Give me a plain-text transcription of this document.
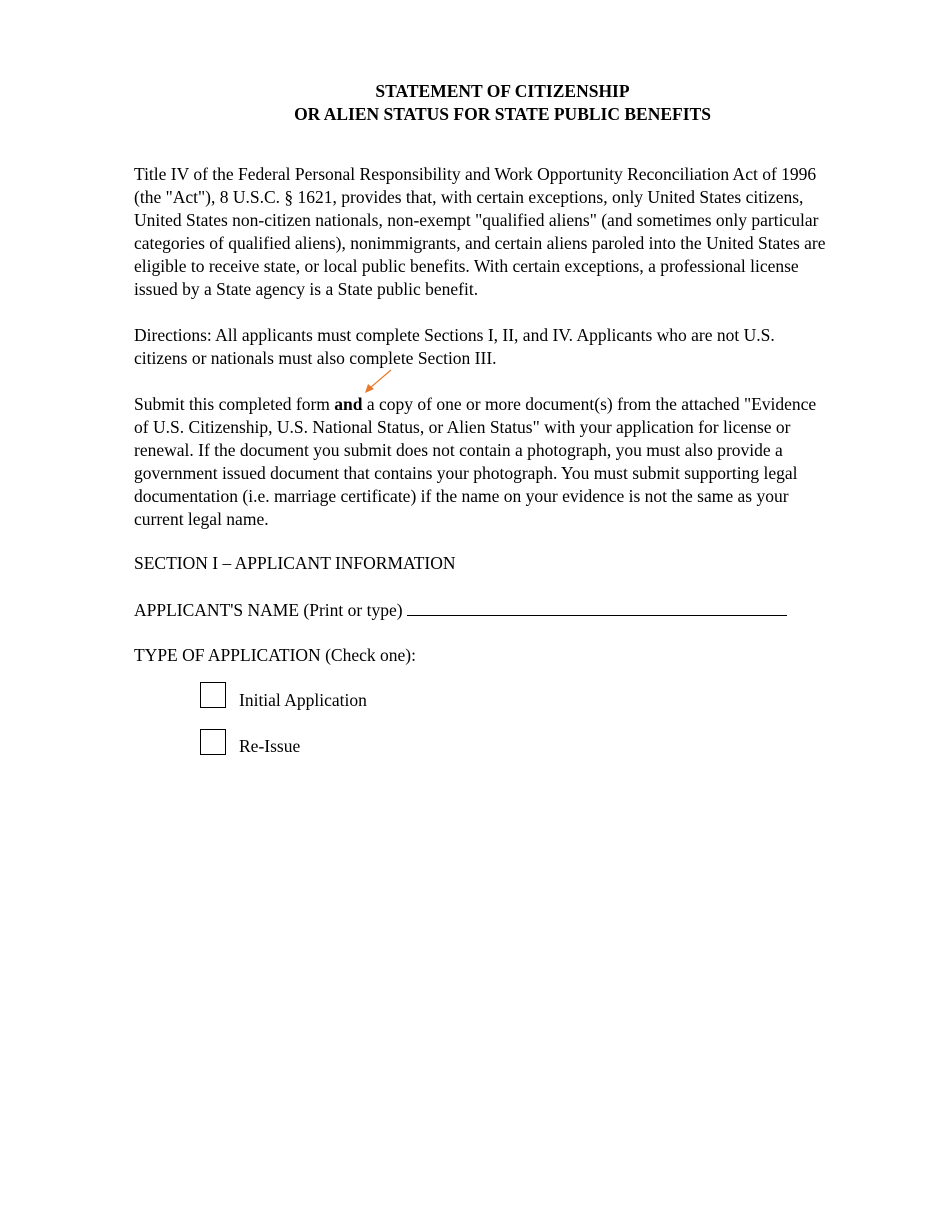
STATEMENT OF CITIZENSHIP
OR ALIEN STATUS FOR STATE PUBLIC BENEFITS
Title IV of the Federal Personal Responsibility and Work Opportunity Reconciliation Act of 1996
(the "Act"), 8 U.S.C. § 1621, provides that, with certain exceptions, only United States citizens,
United States non-citizen nationals, non-exempt "qualified aliens" (and sometimes only particular
categories of qualified aliens), nonimmigrants, and certain aliens paroled into the United States are
eligible to receive state, or local public benefits. With certain exceptions, a professional license
issued by a State agency is a State public benefit.
Directions: All applicants must complete Sections I, II, and IV. Applicants who are not U.S.
citizens or nationals must also complete Section III.
Submit this completed form and a copy of one or more document(s) from the attached "Evidence
of U.S. Citizenship, U.S. National Status, or Alien Status" with your application for license or
renewal. If the document you submit does not contain a photograph, you must also provide a
government issued document that contains your photograph. You must submit supporting legal
documentation (i.e. marriage certificate) if the name on your evidence is not the same as your
current legal name.
SECTION I – APPLICANT INFORMATION
APPLICANT'S NAME (Print or type)
TYPE OF APPLICATION (Check one):
Initial Application
Re-Issue
